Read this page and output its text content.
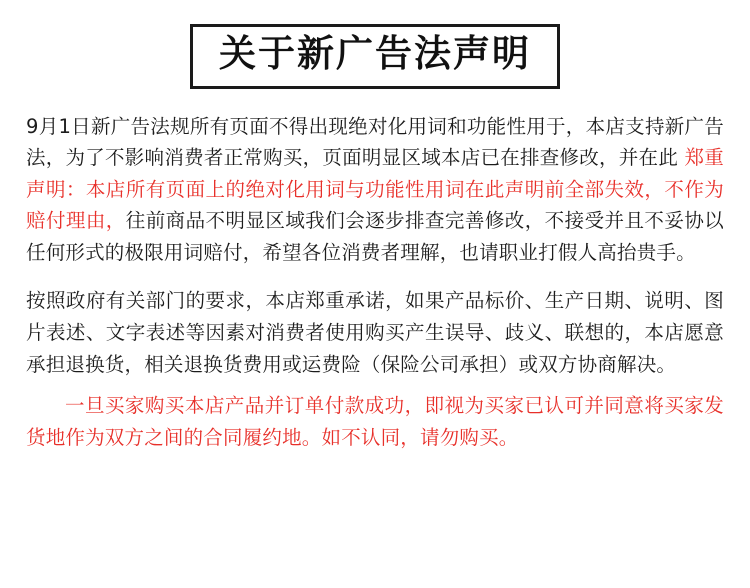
关于新广告法声明

9月1日新广告法规所有页面不得出现绝对化用词和功能性用于，本店支持新广告法，为了不影响消费者正常购买，页面明显区域本店已在排查修改，并在此 郑重声明：本店所有页面上的绝对化用词与功能性用词在此声明前全部失效，不作为赔付理由，往前商品不明显区域我们会逐步排查完善修改，不接受并且不妥协以任何形式的极限用词赔付，希望各位消费者理解，也请职业打假人高抬贵手。

按照政府有关部门的要求，本店郑重承诺，如果产品标价、生产日期、说明、图片表述、文字表述等因素对消费者使用购买产生误导、歧义、联想的，本店愿意承担退换货，相关退换货费用或运费险（保险公司承担）或双方协商解决。

一旦买家购买本店产品并订单付款成功，即视为买家已认可并同意将买家发货地作为双方之间的合同履约地。如不认同，请勿购买。
